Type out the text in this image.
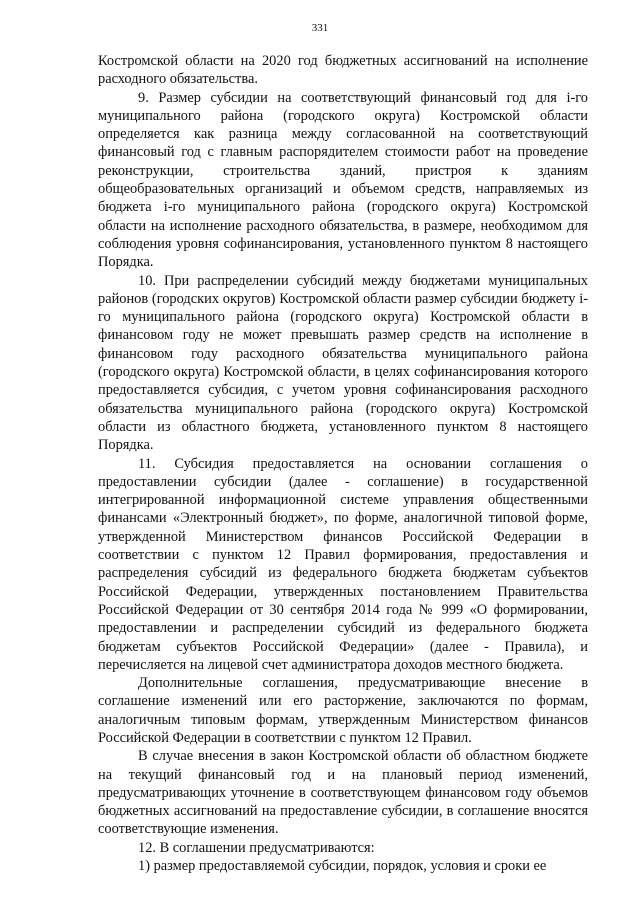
331

Костромской области на 2020 год бюджетных ассигнований на исполнение расходного обязательства.

9. Размер субсидии на соответствующий финансовый год для i-го муниципального района (городского округа) Костромской области определяется как разница между согласованной на соответствующий финансовый год с главным распорядителем стоимости работ на проведение реконструкции, строительства зданий, пристроя к зданиям общеобразовательных организаций и объемом средств, направляемых из бюджета i-го муниципального района (городского округа) Костромской области на исполнение расходного обязательства, в размере, необходимом для соблюдения уровня софинансирования, установленного пунктом 8 настоящего Порядка.

10. При распределении субсидий между бюджетами муниципальных районов (городских округов) Костромской области размер субсидии бюджету i-го муниципального района (городского округа) Костромской области в финансовом году не может превышать размер средств на исполнение в финансовом году расходного обязательства муниципального района (городского округа) Костромской области, в целях софинансирования которого предоставляется субсидия, с учетом уровня софинансирования расходного обязательства муниципального района (городского округа) Костромской области из областного бюджета, установленного пунктом 8 настоящего Порядка.

11. Субсидия предоставляется на основании соглашения о предоставлении субсидии (далее - соглашение) в государственной интегрированной информационной системе управления общественными финансами «Электронный бюджет», по форме, аналогичной типовой форме, утвержденной Министерством финансов Российской Федерации в соответствии с пунктом 12 Правил формирования, предоставления и распределения субсидий из федерального бюджета бюджетам субъектов Российской Федерации, утвержденных постановлением Правительства Российской Федерации от 30 сентября 2014 года № 999 «О формировании, предоставлении и распределении субсидий из федерального бюджета бюджетам субъектов Российской Федерации» (далее - Правила), и перечисляется на лицевой счет администратора доходов местного бюджета.

Дополнительные соглашения, предусматривающие внесение в соглашение изменений или его расторжение, заключаются по формам, аналогичным типовым формам, утвержденным Министерством финансов Российской Федерации в соответствии с пунктом 12 Правил.

В случае внесения в закон Костромской области об областном бюджете на текущий финансовый год и на плановый период изменений, предусматривающих уточнение в соответствующем финансовом году объемов бюджетных ассигнований на предоставление субсидии, в соглашение вносятся соответствующие изменения.

12. В соглашении предусматриваются:

1) размер предоставляемой субсидии, порядок, условия и сроки ее
